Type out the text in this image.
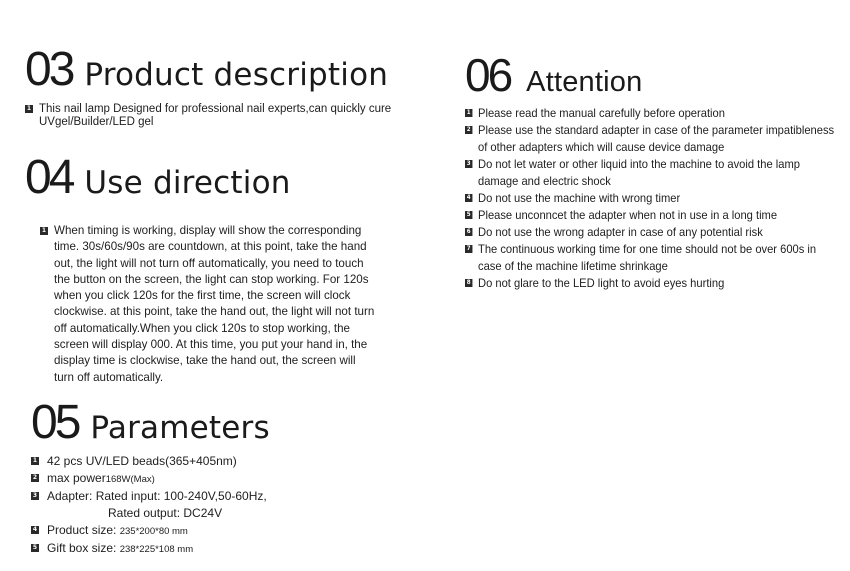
03 Product description
1 This nail lamp Designed for professional nail experts,can quickly cure UVgel/Builder/LED gel
04 Use direction
1 When timing is working, display will show the corresponding time. 30s/60s/90s are countdown, at this point, take the hand out, the light will not turn off automatically, you need to touch the button on the screen, the light can stop working. For 120s when you click 120s for the first time, the screen will clock clockwise. at this point, take the hand out, the light will not turn off automatically.When you click 120s to stop working, the screen will display 000. At this time, you put your hand in, the display time is clockwise, take the hand out, the screen will turn off automatically.
05 Parameters
1 42 pcs UV/LED beads(365+405nm)
2 max power168W(Max)
3 Adapter: Rated input: 100-240V,50-60Hz,
Rated output: DC24V
4 Product size: 235*200*80 mm
5 Gift box size: 238*225*108 mm
06 Attention
1 Please read the manual carefully before operation
2 Please use the standard adapter in case of the parameter impatibleness of other adapters which will cause device damage
3 Do not let water or other liquid into the machine to avoid the lamp damage and electric shock
4 Do not use the machine with wrong timer
5 Please unconncet the adapter when not in use in a long time
6 Do not use the wrong adapter in case of any potential risk
7 The continuous working time for one time should not be over 600s in case of the machine lifetime shrinkage
8 Do not glare to the LED light to avoid eyes hurting
